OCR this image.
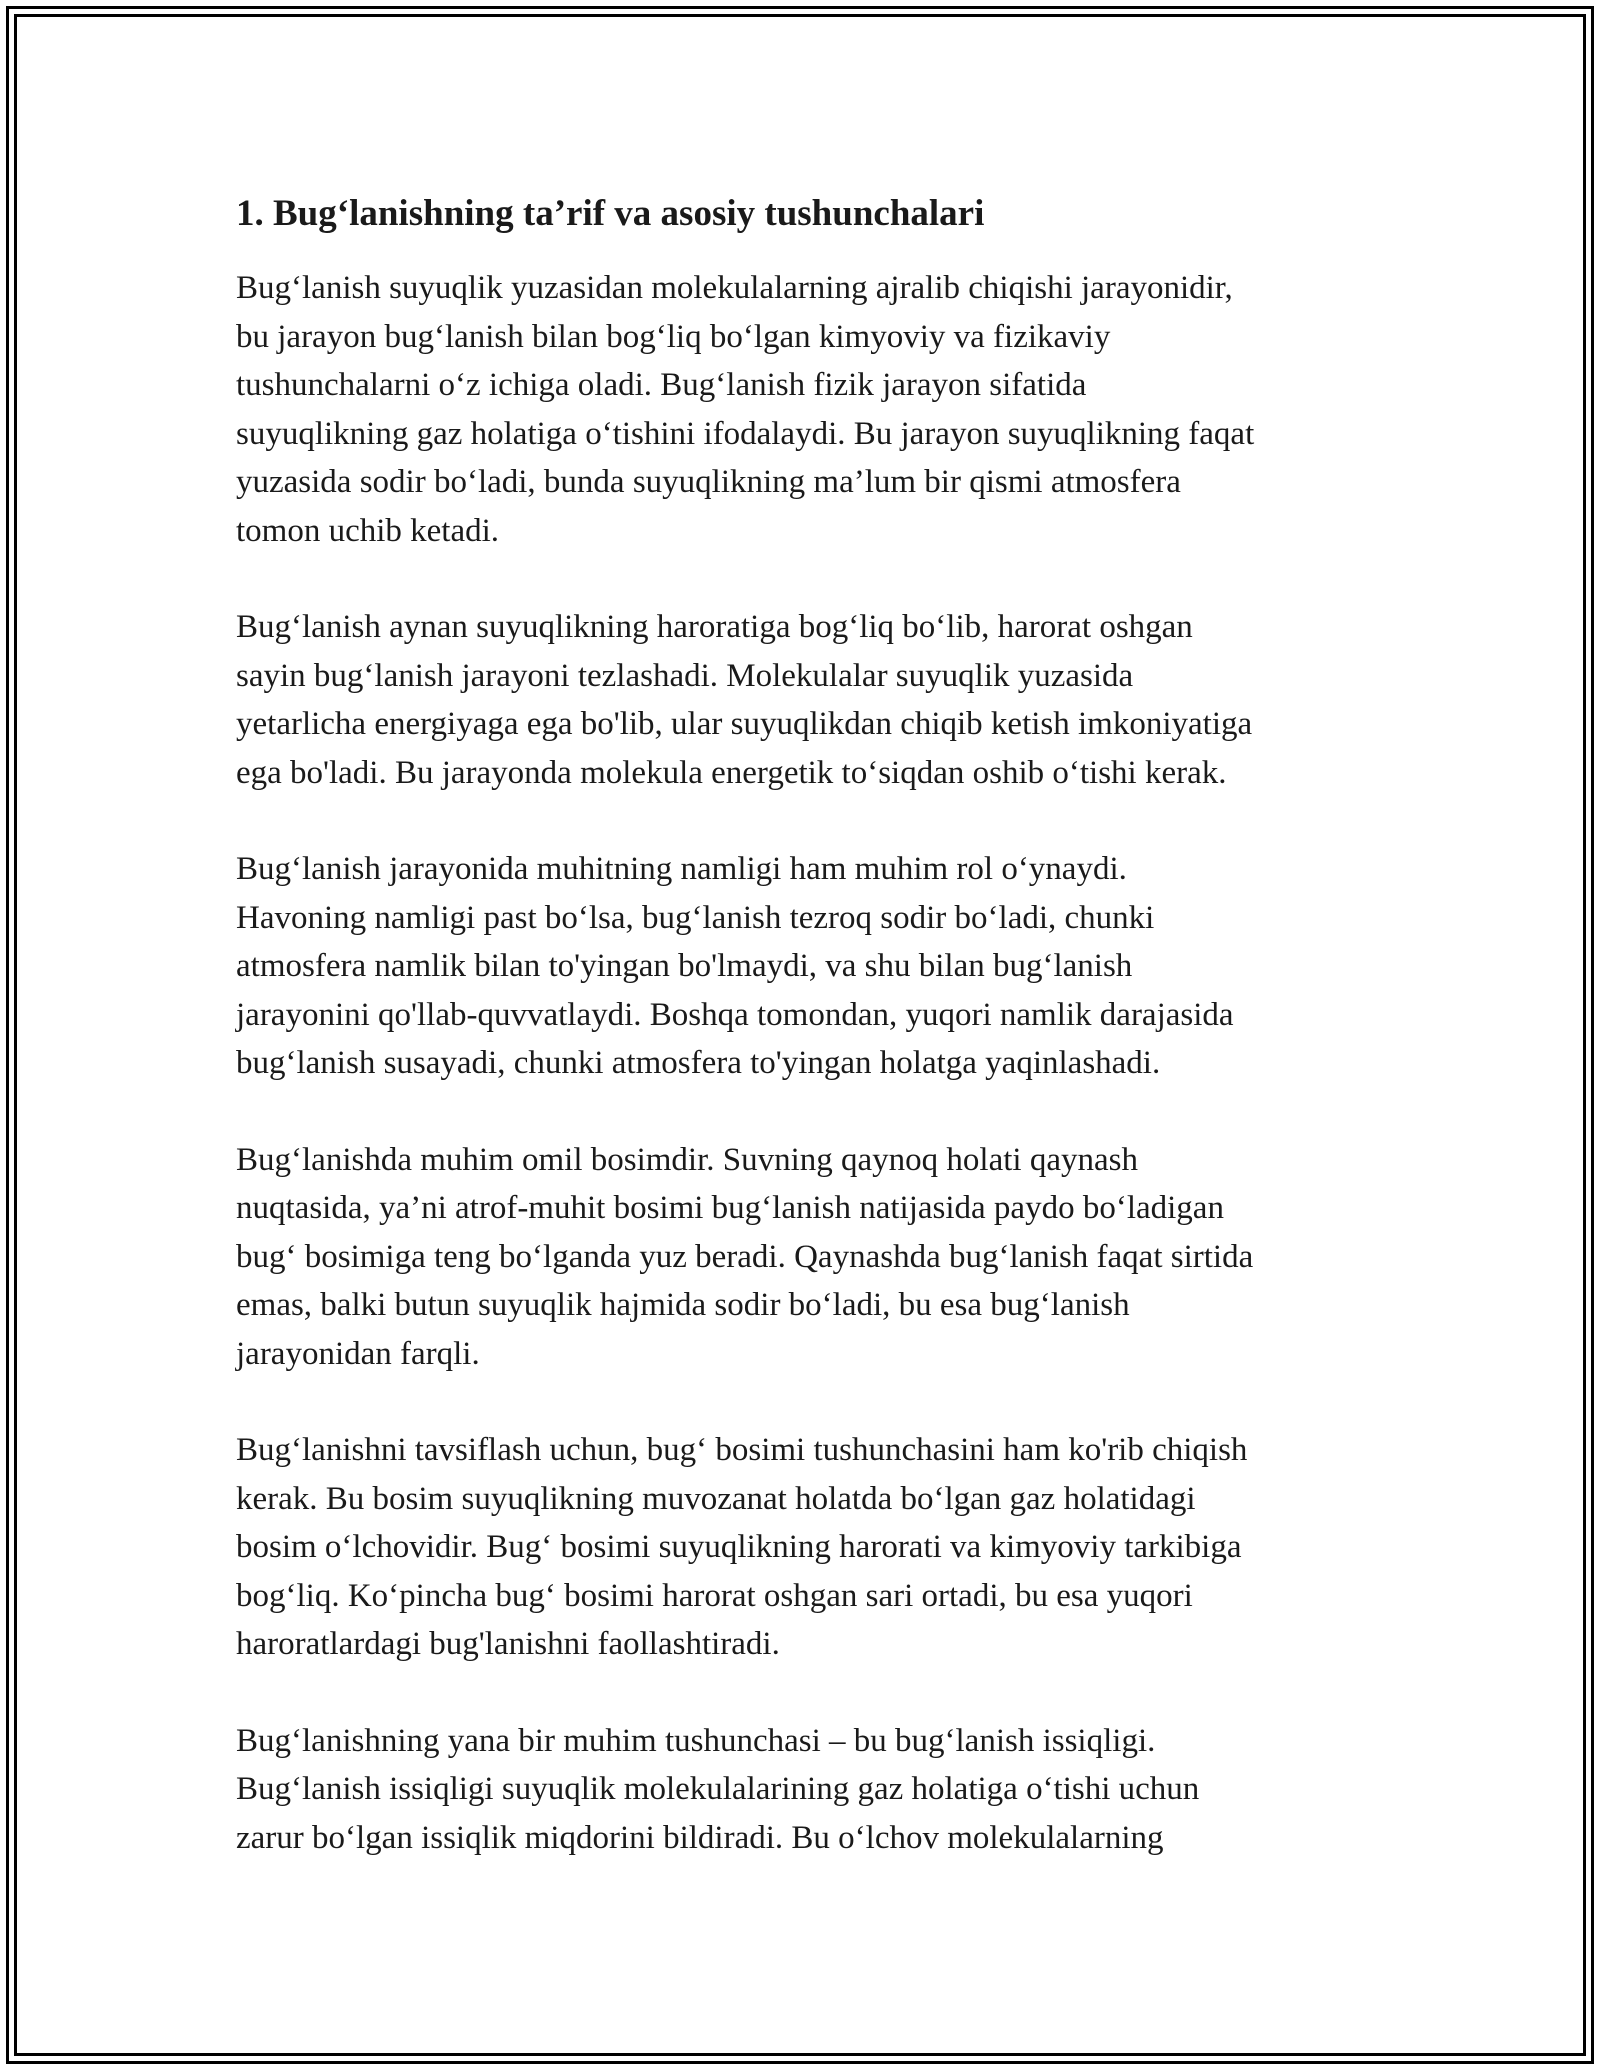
1. Bug‘lanishning ta’rif va asosiy tushunchalari

Bug‘lanish suyuqlik yuzasidan molekulalarning ajralib chiqishi jarayonidir,
bu jarayon bug‘lanish bilan bog‘liq bo‘lgan kimyoviy va fizikaviy
tushunchalarni o‘z ichiga oladi. Bug‘lanish fizik jarayon sifatida
suyuqlikning gaz holatiga o‘tishini ifodalaydi. Bu jarayon suyuqlikning faqat
yuzasida sodir bo‘ladi, bunda suyuqlikning ma’lum bir qismi atmosfera
tomon uchib ketadi.

Bug‘lanish aynan suyuqlikning haroratiga bog‘liq bo‘lib, harorat oshgan
sayin bug‘lanish jarayoni tezlashadi. Molekulalar suyuqlik yuzasida
yetarlicha energiyaga ega bo'lib, ular suyuqlikdan chiqib ketish imkoniyatiga
ega bo'ladi. Bu jarayonda molekula energetik to‘siqdan oshib o‘tishi kerak.

Bug‘lanish jarayonida muhitning namligi ham muhim rol o‘ynaydi.
Havoning namligi past bo‘lsa, bug‘lanish tezroq sodir bo‘ladi, chunki
atmosfera namlik bilan to'yingan bo'lmaydi, va shu bilan bug‘lanish
jarayonini qo'llab-quvvatlaydi. Boshqa tomondan, yuqori namlik darajasida
bug‘lanish susayadi, chunki atmosfera to'yingan holatga yaqinlashadi.

Bug‘lanishda muhim omil bosimdir. Suvning qaynoq holati qaynash
nuqtasida, ya’ni atrof-muhit bosimi bug‘lanish natijasida paydo bo‘ladigan
bug‘ bosimiga teng bo‘lganda yuz beradi. Qaynashda bug‘lanish faqat sirtida
emas, balki butun suyuqlik hajmida sodir bo‘ladi, bu esa bug‘lanish
jarayonidan farqli.

Bug‘lanishni tavsiflash uchun, bug‘ bosimi tushunchasini ham ko'rib chiqish
kerak. Bu bosim suyuqlikning muvozanat holatda bo‘lgan gaz holatidagi
bosim o‘lchovidir. Bug‘ bosimi suyuqlikning harorati va kimyoviy tarkibiga
bog‘liq. Ko‘pincha bug‘ bosimi harorat oshgan sari ortadi, bu esa yuqori
haroratlardagi bug'lanishni faollashtiradi.

Bug‘lanishning yana bir muhim tushunchasi – bu bug‘lanish issiqligi.
Bug‘lanish issiqligi suyuqlik molekulalarining gaz holatiga o‘tishi uchun
zarur bo‘lgan issiqlik miqdorini bildiradi. Bu o‘lchov molekulalarning
